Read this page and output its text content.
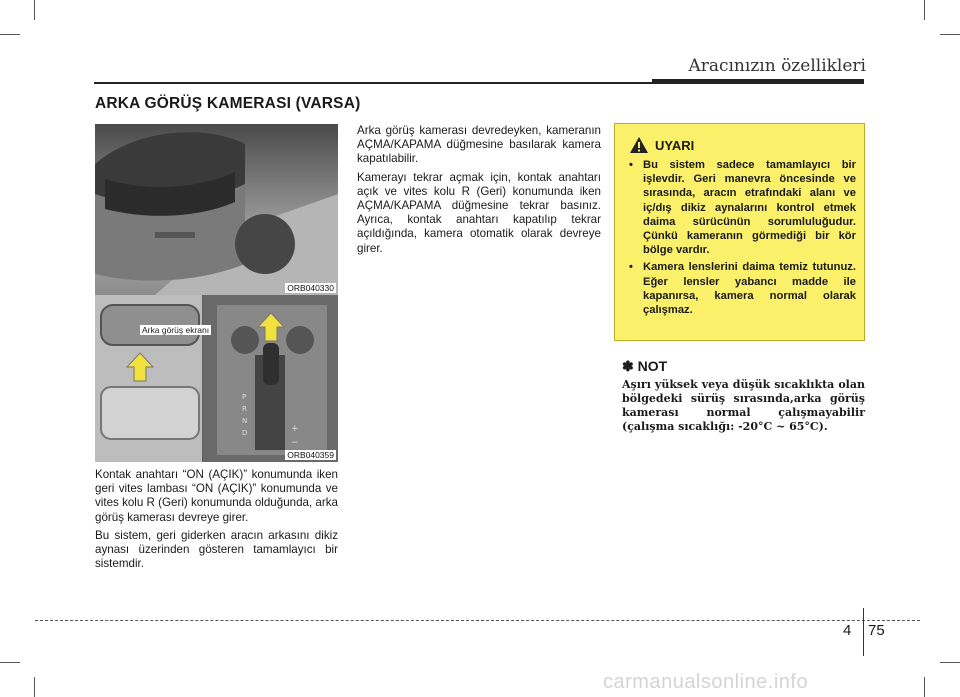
Aracınızın özellikleri
ARKA GÖRÜŞ KAMERASI (VARSA)
ORB040330
P
R
N
D	+
−
Arka görüş ekranı
ORB040359

Kontak anahtarı “ON (AÇIK)” konumunda iken geri vites lambası “ON (AÇIK)” konumunda ve vites kolu R (Geri) konumunda olduğunda, arka görüş kamerası devreye girer.

Bu sistem, geri giderken aracın arkasını dikiz aynası üzerinden gösteren tamamlayıcı bir sistemdir.

Arka görüş kamerası devredeyken, kameranın AÇMA/KAPAMA düğmesine basılarak kamera kapatılabilir.

Kamerayı tekrar açmak için, kontak anahtarı açık ve vites kolu R (Geri) konumunda iken AÇMA/KAPAMA düğmesine tekrar basınız. Ayrıca, kontak anahtarı kapatılıp tekrar açıldığında, kamera otomatik olarak devreye girer.

UYARI
• Bu sistem sadece tamamlayıcı bir işlevdir. Geri manevra öncesinde ve sırasında, aracın etrafındaki alanı ve iç/dış dikiz aynalarını kontrol etmek daima sürücünün sorumluluğudur. Çünkü kameranın görmediği bir kör bölge vardır.
• Kamera lenslerini daima temiz tutunuz. Eğer lensler yabancı madde ile kapanırsa, kamera normal olarak çalışmaz.
✽ NOT
Aşırı yüksek veya düşük sıcaklıkta olan bölgedeki sürüş sırasında,arka görüş kamerası normal çalışmayabilir (çalışma sıcaklığı: -20°C ~ 65°C).
4 75
carmanualsonline.info
